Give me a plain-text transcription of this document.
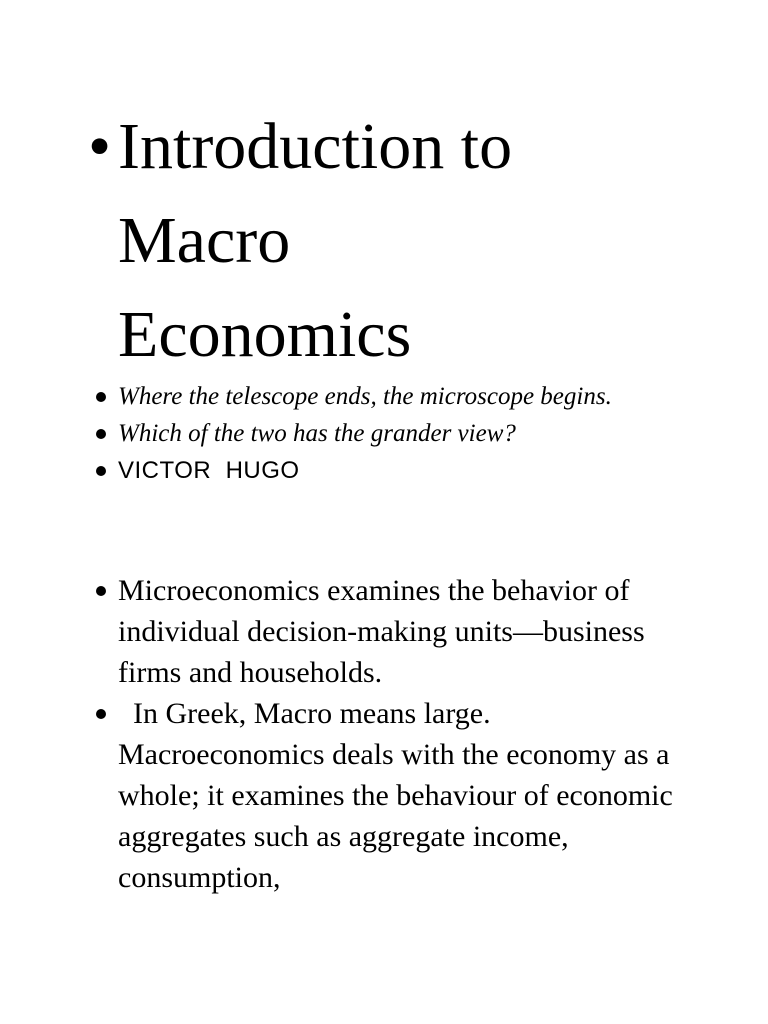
• Introduction to
Macro
Economics
Where the telescope ends, the microscope begins.
Which of the two has the grander view?
VICTOR  HUGO
Microeconomics examines the behavior of individual decision-making units—business firms and households.
In Greek, Macro means large. Macroeconomics deals with the economy as a whole; it examines the behaviour of economic aggregates such as aggregate income, consumption,
